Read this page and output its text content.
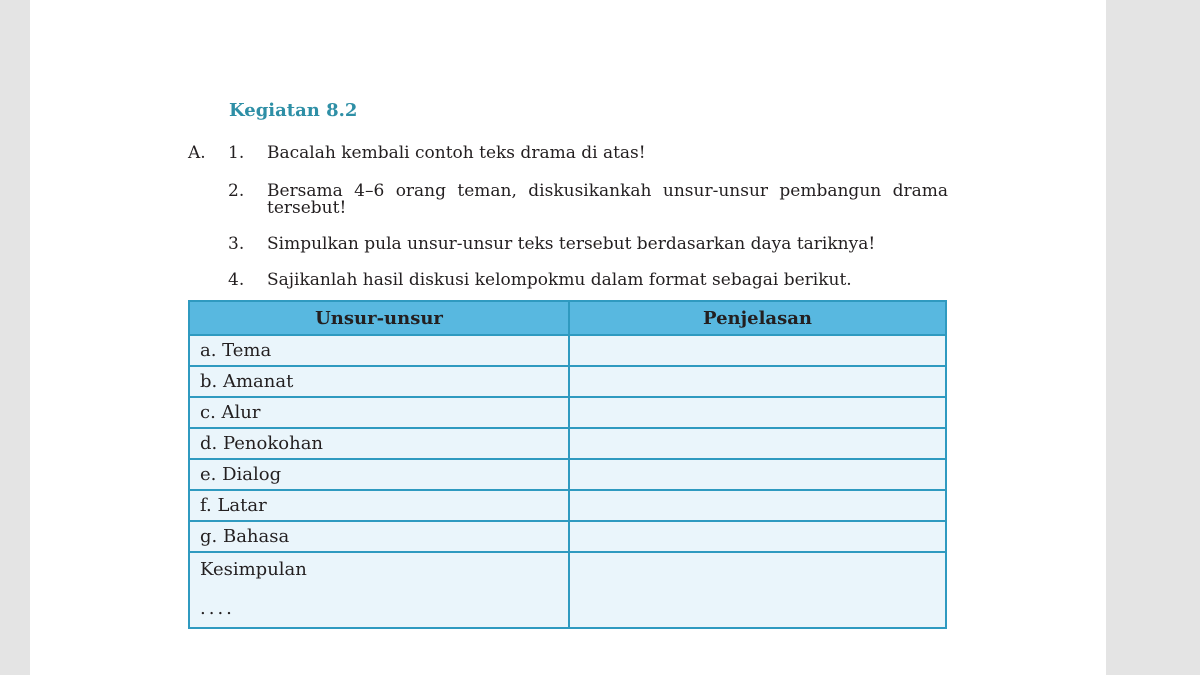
Kegiatan 8.2
A. 1. Bacalah kembali contoh teks drama di atas!
2. Bersama 4–6 orang teman, diskusikankah unsur-unsur pembangun drama tersebut!
3. Simpulkan pula unsur-unsur teks tersebut berdasarkan daya tariknya!
4. Sajikanlah hasil diskusi kelompokmu dalam format sebagai berikut.
Unsur-unsur	Penjelasan
a. Tema	
b. Amanat	
c. Alur	
d. Penokohan	
e. Dialog	
f. Latar	
g. Bahasa	

Kesimpulan
....	
